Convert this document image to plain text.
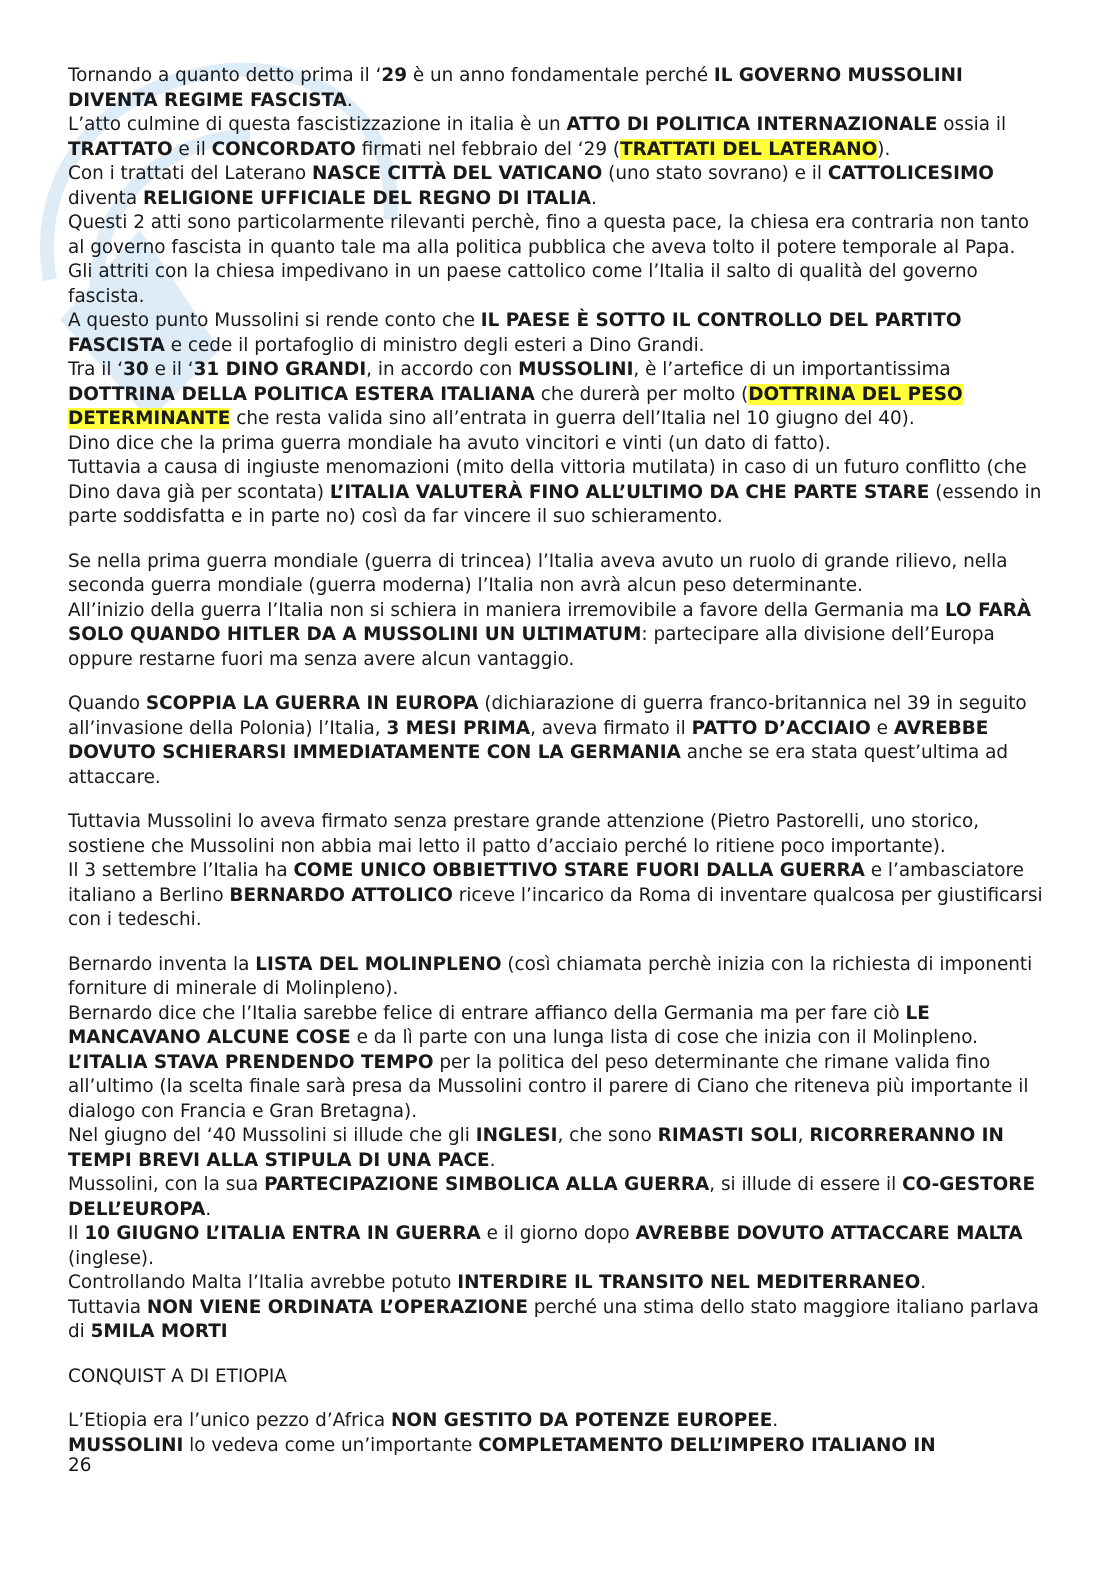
Tornando a quanto detto prima il ‘29 è un anno fondamentale perché IL GOVERNO MUSSOLINI DIVENTA REGIME FASCISTA.

L’atto culmine di questa fascistizzazione in italia è un ATTO DI POLITICA INTERNAZIONALE ossia il TRATTATO e il CONCORDATO firmati nel febbraio del ‘29 (TRATTATI DEL LATERANO).

Con i trattati del Laterano NASCE CITTÀ DEL VATICANO (uno stato sovrano) e il CATTOLICESIMO diventa RELIGIONE UFFICIALE DEL REGNO DI ITALIA.

Questi 2 atti sono particolarmente rilevanti perchè, fino a questa pace, la chiesa era contraria non tanto al governo fascista in quanto tale ma alla politica pubblica che aveva tolto il potere temporale al Papa.

Gli attriti con la chiesa impedivano in un paese cattolico come l’Italia il salto di qualità del governo fascista.

A questo punto Mussolini si rende conto che IL PAESE È SOTTO IL CONTROLLO DEL PARTITO FASCISTA e cede il portafoglio di ministro degli esteri a Dino Grandi.

Tra il ‘30 e il ‘31 DINO GRANDI, in accordo con MUSSOLINI, è l’artefice di un importantissima DOTTRINA DELLA POLITICA ESTERA ITALIANA che durerà per molto (DOTTRINA DEL PESO DETERMINANTE che resta valida sino all’entrata in guerra dell’Italia nel 10 giugno del 40).

Dino dice che la prima guerra mondiale ha avuto vincitori e vinti (un dato di fatto).

Tuttavia a causa di ingiuste menomazioni (mito della vittoria mutilata) in caso di un futuro conflitto (che Dino dava già per scontata) L’ITALIA VALUTERÀ FINO ALL’ULTIMO DA CHE PARTE STARE (essendo in parte soddisfatta e in parte no) così da far vincere il suo schieramento.

Se nella prima guerra mondiale (guerra di trincea) l’Italia aveva avuto un ruolo di grande rilievo, nella seconda guerra mondiale (guerra moderna) l’Italia non avrà alcun peso determinante.

All’inizio della guerra l’Italia non si schiera in maniera irremovibile a favore della Germania ma LO FARÀ SOLO QUANDO HITLER DA A MUSSOLINI UN ULTIMATUM: partecipare alla divisione dell’Europa oppure restarne fuori ma senza avere alcun vantaggio.

Quando SCOPPIA LA GUERRA IN EUROPA (dichiarazione di guerra franco-britannica nel 39 in seguito all’invasione della Polonia) l’Italia, 3 MESI PRIMA, aveva firmato il PATTO D’ACCIAIO e AVREBBE DOVUTO SCHIERARSI IMMEDIATAMENTE CON LA GERMANIA anche se era stata quest’ultima ad attaccare.

Tuttavia Mussolini lo aveva firmato senza prestare grande attenzione (Pietro Pastorelli, uno storico, sostiene che Mussolini non abbia mai letto il patto d’acciaio perché lo ritiene poco importante).

Il 3 settembre l’Italia ha COME UNICO OBBIETTIVO STARE FUORI DALLA GUERRA e l’ambasciatore italiano a Berlino BERNARDO ATTOLICO riceve l’incarico da Roma di inventare qualcosa per giustificarsi con i tedeschi.

Bernardo inventa la LISTA DEL MOLINPLENO (così chiamata perchè inizia con la richiesta di imponenti forniture di minerale di Molinpleno).

Bernardo dice che l’Italia sarebbe felice di entrare affianco della Germania ma per fare ciò LE MANCAVANO ALCUNE COSE e da lì parte con una lunga lista di cose che inizia con il Molinpleno.

L’ITALIA STAVA PRENDENDO TEMPO per la politica del peso determinante che rimane valida fino all’ultimo (la scelta finale sarà presa da Mussolini contro il parere di Ciano che riteneva più importante il dialogo con Francia e Gran Bretagna).

Nel giugno del ‘40 Mussolini si illude che gli INGLESI, che sono RIMASTI SOLI, RICORRERANNO IN TEMPI BREVI ALLA STIPULA DI UNA PACE.

Mussolini, con la sua PARTECIPAZIONE SIMBOLICA ALLA GUERRA, si illude di essere il CO-GESTORE DELL’EUROPA.

Il 10 GIUGNO L’ITALIA ENTRA IN GUERRA e il giorno dopo AVREBBE DOVUTO ATTACCARE MALTA (inglese).

Controllando Malta l’Italia avrebbe potuto INTERDIRE IL TRANSITO NEL MEDITERRANEO.

Tuttavia NON VIENE ORDINATA L’OPERAZIONE perché una stima dello stato maggiore italiano parlava di 5MILA MORTI

CONQUIST A DI ETIOPIA

L’Etiopia era l’unico pezzo d’Africa NON GESTITO DA POTENZE EUROPEE.

MUSSOLINI lo vedeva come un’importante COMPLETAMENTO DELL’IMPERO ITALIANO IN

26
